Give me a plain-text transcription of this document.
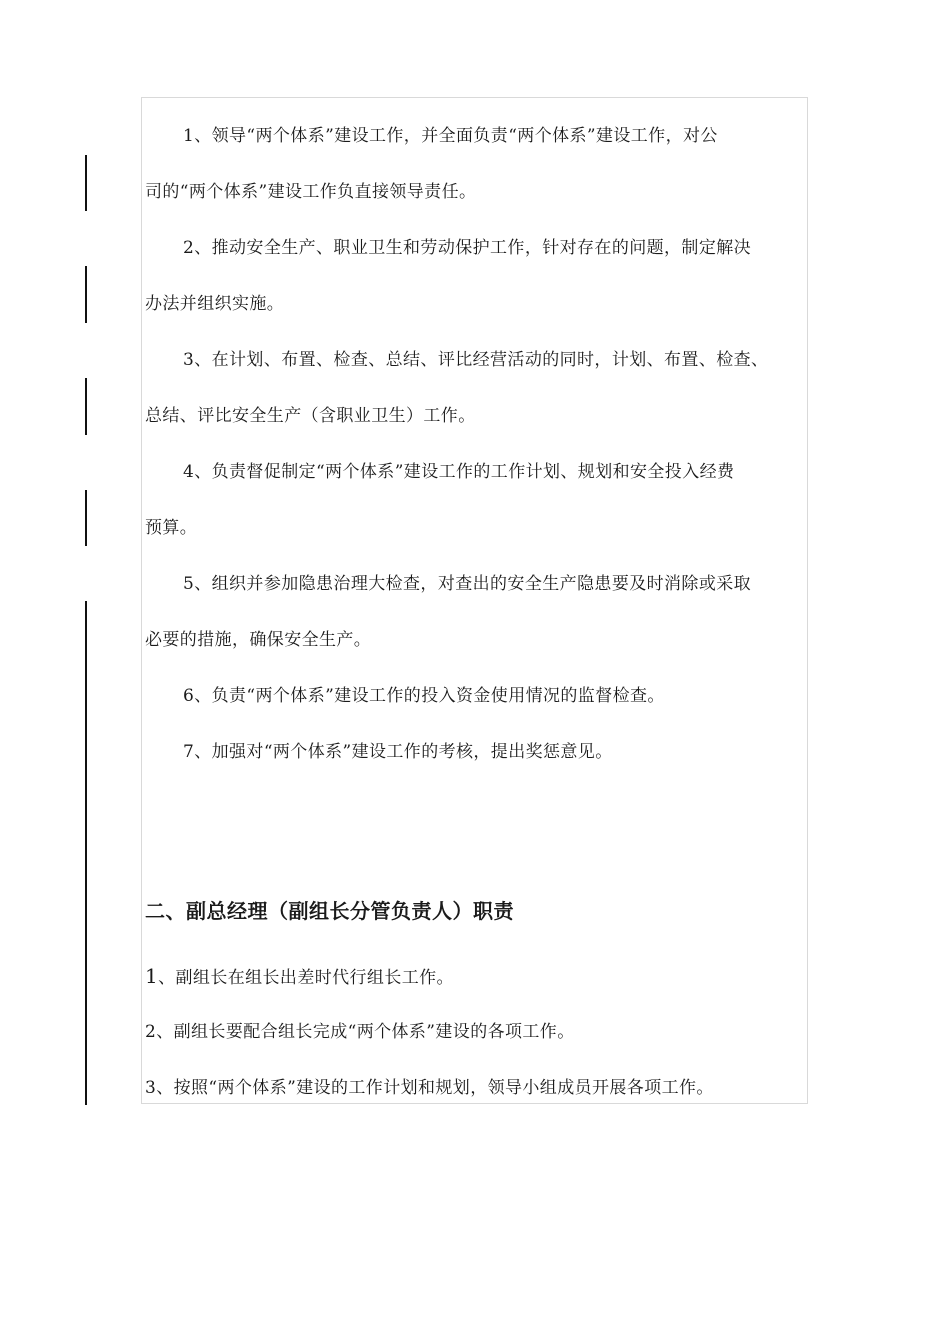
1、领导“两个体系”建设工作，并全面负责“两个体系”建设工作，对公
司的“两个体系”建设工作负直接领导责任。
2、推动安全生产、职业卫生和劳动保护工作，针对存在的问题，制定解决
办法并组织实施。
3、在计划、布置、检查、总结、评比经营活动的同时，计划、布置、检查、
总结、评比安全生产（含职业卫生）工作。
4、负责督促制定“两个体系”建设工作的工作计划、规划和安全投入经费
预算。
5、组织并参加隐患治理大检查，对查出的安全生产隐患要及时消除或采取
必要的措施，确保安全生产。
6、负责“两个体系”建设工作的投入资金使用情况的监督检查。
7、加强对“两个体系”建设工作的考核，提出奖惩意见。
二、副总经理（副组长分管负责人）职责
1、副组长在组长出差时代行组长工作。
2、副组长要配合组长完成“两个体系”建设的各项工作。
3、按照“两个体系”建设的工作计划和规划，领导小组成员开展各项工作。
